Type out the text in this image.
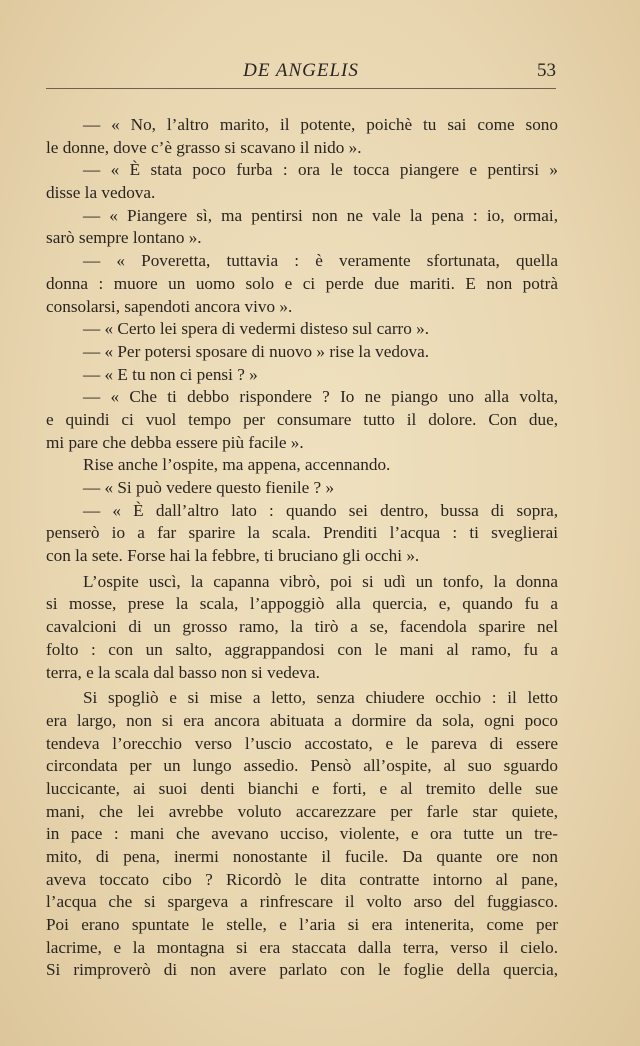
DE ANGELIS	53
— « No, l’altro marito, il potente, poichè tu sai come sono
le donne, dove c’è grasso si scavano il nido ».
— « È stata poco furba : ora le tocca piangere e pentirsi »
disse la vedova.
— « Piangere sì, ma pentirsi non ne vale la pena : io, ormai,
sarò sempre lontano ».
— « Poveretta, tuttavia : è veramente sfortunata, quella
donna : muore un uomo solo e ci perde due mariti. E non potrà
consolarsi, sapendoti ancora vivo ».
— « Certo lei spera di vedermi disteso sul carro ».
— « Per potersi sposare di nuovo » rise la vedova.
— « E tu non ci pensi ? »
— « Che ti debbo rispondere ? Io ne piango uno alla volta,
e quindi ci vuol tempo per consumare tutto il dolore. Con due,
mi pare che debba essere più facile ».
Rise anche l’ospite, ma appena, accennando.
— « Si può vedere questo fienile ? »
— « È dall’altro lato : quando sei dentro, bussa di sopra,
penserò io a far sparire la scala. Prenditi l’acqua : ti sveglierai
con la sete. Forse hai la febbre, ti bruciano gli occhi ».
L’ospite uscì, la capanna vibrò, poi si udì un tonfo, la donna
si mosse, prese la scala, l’appoggiò alla quercia, e, quando fu a
cavalcioni di un grosso ramo, la tirò a se, facendola sparire nel
folto : con un salto, aggrappandosi con le mani al ramo, fu a
terra, e la scala dal basso non si vedeva.
Si spogliò e si mise a letto, senza chiudere occhio : il letto
era largo, non si era ancora abituata a dormire da sola, ogni poco
tendeva l’orecchio verso l’uscio accostato, e le pareva di essere
circondata per un lungo assedio. Pensò all’ospite, al suo sguardo
luccicante, ai suoi denti bianchi e forti, e al tremito delle sue
mani, che lei avrebbe voluto accarezzare per farle star quiete,
in pace : mani che avevano ucciso, violente, e ora tutte un tre-
mito, di pena, inermi nonostante il fucile. Da quante ore non
aveva toccato cibo ? Ricordò le dita contratte intorno al pane,
l’acqua che si spargeva a rinfrescare il volto arso del fuggiasco.
Poi erano spuntate le stelle, e l’aria si era intenerita, come per
lacrime, e la montagna si era staccata dalla terra, verso il cielo.
Si rimproverò di non avere parlato con le foglie della quercia,
